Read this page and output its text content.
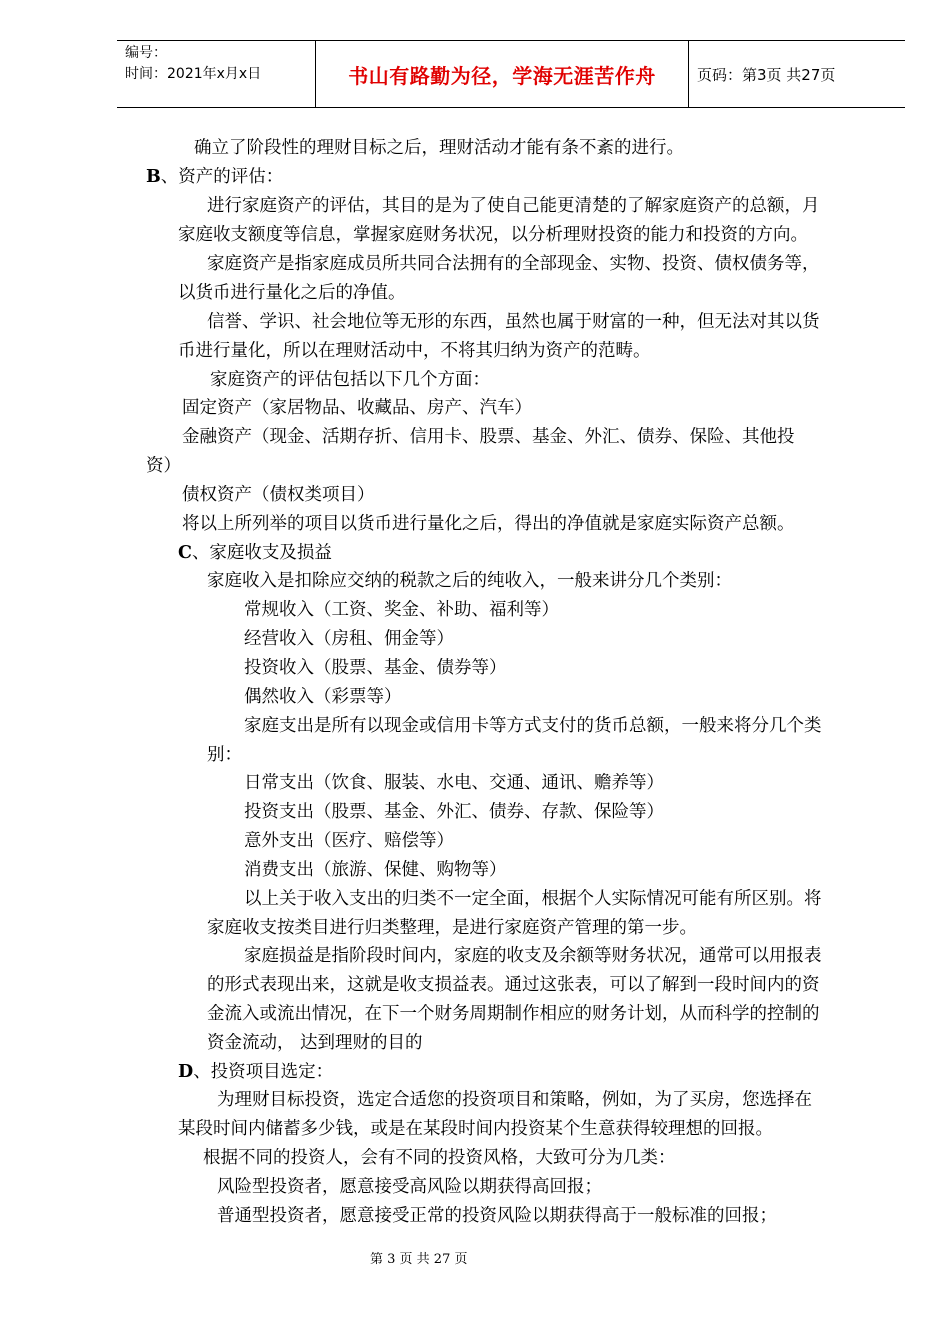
编号：
时间：2021年x月x日	书山有路勤为径，学海无涯苦作舟	页码：第3页 共27页
确立了阶段性的理财目标之后，理财活动才能有条不紊的进行。
B、资产的评估：
进行家庭资产的评估，其目的是为了使自己能更清楚的了解家庭资产的总额，月
家庭收支额度等信息，掌握家庭财务状况，以分析理财投资的能力和投资的方向。
家庭资产是指家庭成员所共同合法拥有的全部现金、实物、投资、债权债务等，
以货币进行量化之后的净值。
信誉、学识、社会地位等无形的东西，虽然也属于财富的一种，但无法对其以货
币进行量化，所以在理财活动中，不将其归纳为资产的范畴。
家庭资产的评估包括以下几个方面：
固定资产（家居物品、收藏品、房产、汽车）
金融资产（现金、活期存折、信用卡、股票、基金、外汇、债券、保险、其他投
资）
债权资产（债权类项目）
将以上所列举的项目以货币进行量化之后，得出的净值就是家庭实际资产总额。
C、家庭收支及损益
家庭收入是扣除应交纳的税款之后的纯收入，一般来讲分几个类别：
常规收入（工资、奖金、补助、福利等）
经营收入（房租、佣金等）
投资收入（股票、基金、债券等）
偶然收入（彩票等）
家庭支出是所有以现金或信用卡等方式支付的货币总额，一般来将分几个类
别：
日常支出（饮食、服装、水电、交通、通讯、赡养等）
投资支出（股票、基金、外汇、债券、存款、保险等）
意外支出（医疗、赔偿等）
消费支出（旅游、保健、购物等）
以上关于收入支出的归类不一定全面，根据个人实际情况可能有所区别。将
家庭收支按类目进行归类整理，是进行家庭资产管理的第一步。
家庭损益是指阶段时间内，家庭的收支及余额等财务状况，通常可以用报表
的形式表现出来，这就是收支损益表。通过这张表，可以了解到一段时间内的资
金流入或流出情况，在下一个财务周期制作相应的财务计划，从而科学的控制的
资金流动， 达到理财的目的
D、投资项目选定：
为理财目标投资，选定合适您的投资项目和策略，例如，为了买房，您选择在
某段时间内储蓄多少钱，或是在某段时间内投资某个生意获得较理想的回报。
根据不同的投资人，会有不同的投资风格，大致可分为几类：
风险型投资者，愿意接受高风险以期获得高回报；
普通型投资者，愿意接受正常的投资风险以期获得高于一般标准的回报；
第 3 页 共 27 页
